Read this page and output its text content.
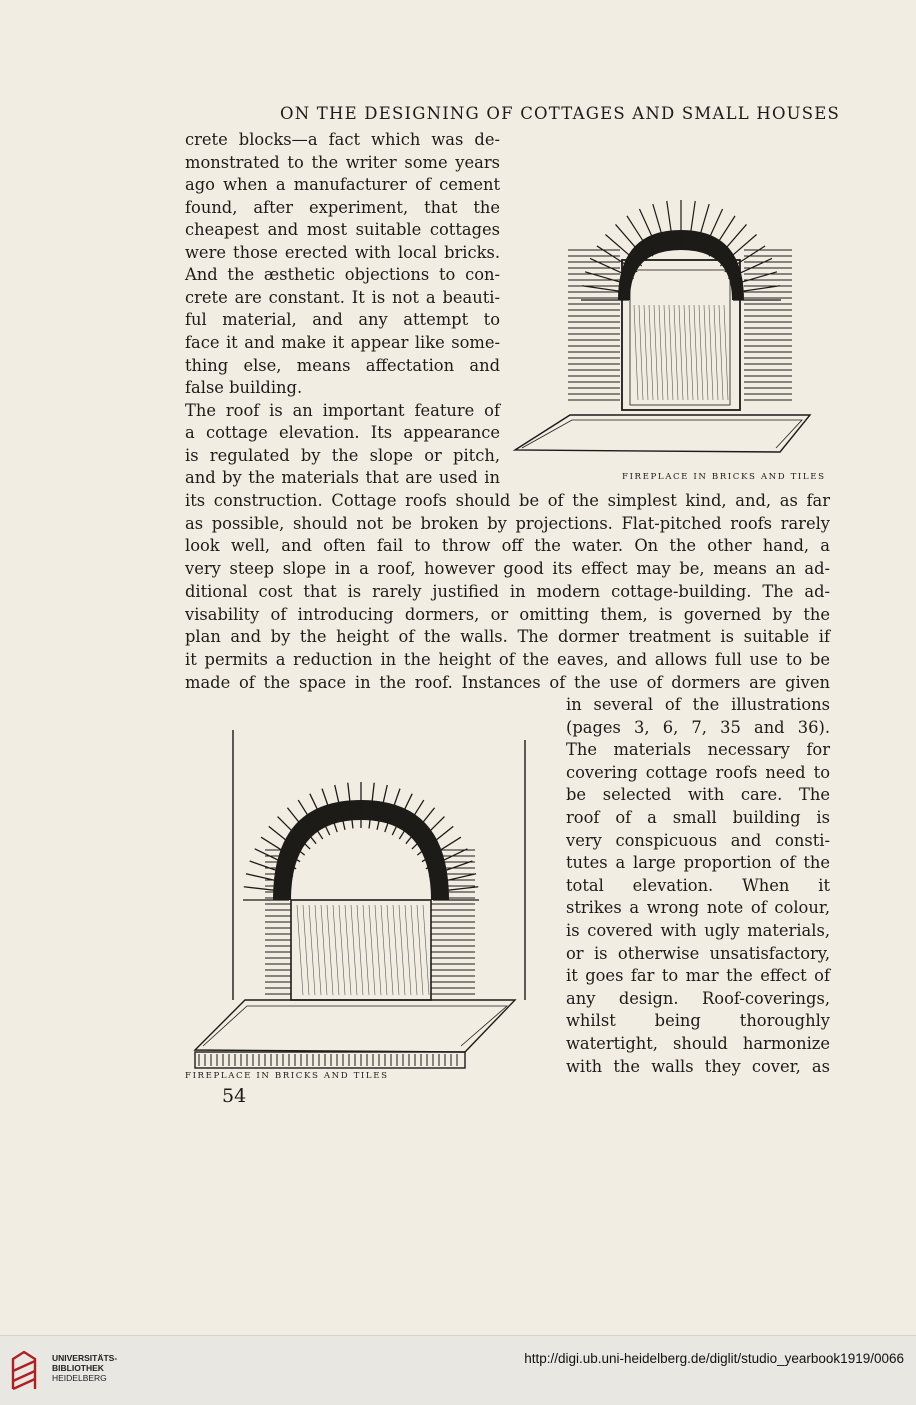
ON THE DESIGNING OF COTTAGES AND SMALL HOUSES
crete blocks—a fact which was de-
monstrated to the writer some years
ago when a manufacturer of cement
found, after experiment, that the
cheapest and most suitable cottages
were those erected with local bricks.
And the æsthetic objections to con-
crete are constant. It is not a beauti-
ful material, and any attempt to
face it and make it appear like some-
thing else, means affectation and
false building.
The roof is an important feature of
a cottage elevation. Its appearance
is regulated by the slope or pitch,
and by the materials that are used in
its construction. Cottage roofs should be of the simplest kind, and, as far
as possible, should not be broken by projections. Flat-pitched roofs rarely
look well, and often fail to throw off the water. On the other hand, a
very steep slope in a roof, however good its effect may be, means an ad-
ditional cost that is rarely justified in modern cottage-building. The ad-
visability of introducing dormers, or omitting them, is governed by the
plan and by the height of the walls. The dormer treatment is suitable if
it permits a reduction in the height of the eaves, and allows full use to be
made of the space in the roof. Instances of the use of dormers are given
in several of the illustrations
(pages 3, 6, 7, 35 and 36).
The materials necessary for
covering cottage roofs need to
be selected with care. The
roof of a small building is
very conspicuous and consti-
tutes a large proportion of the
total elevation. When it
strikes a wrong note of colour,
is covered with ugly materials,
or is otherwise unsatisfactory,
it goes far to mar the effect of
any design. Roof-coverings,
whilst being thoroughly
watertight, should harmonize
with the walls they cover, as
FIREPLACE IN BRICKS AND TILES
FIREPLACE IN BRICKS AND TILES
54
UNIVERSITÄTS-
BIBLIOTHEK
HEIDELBERG
http://digi.ub.uni-heidelberg.de/diglit/studio_yearbook1919/0066
